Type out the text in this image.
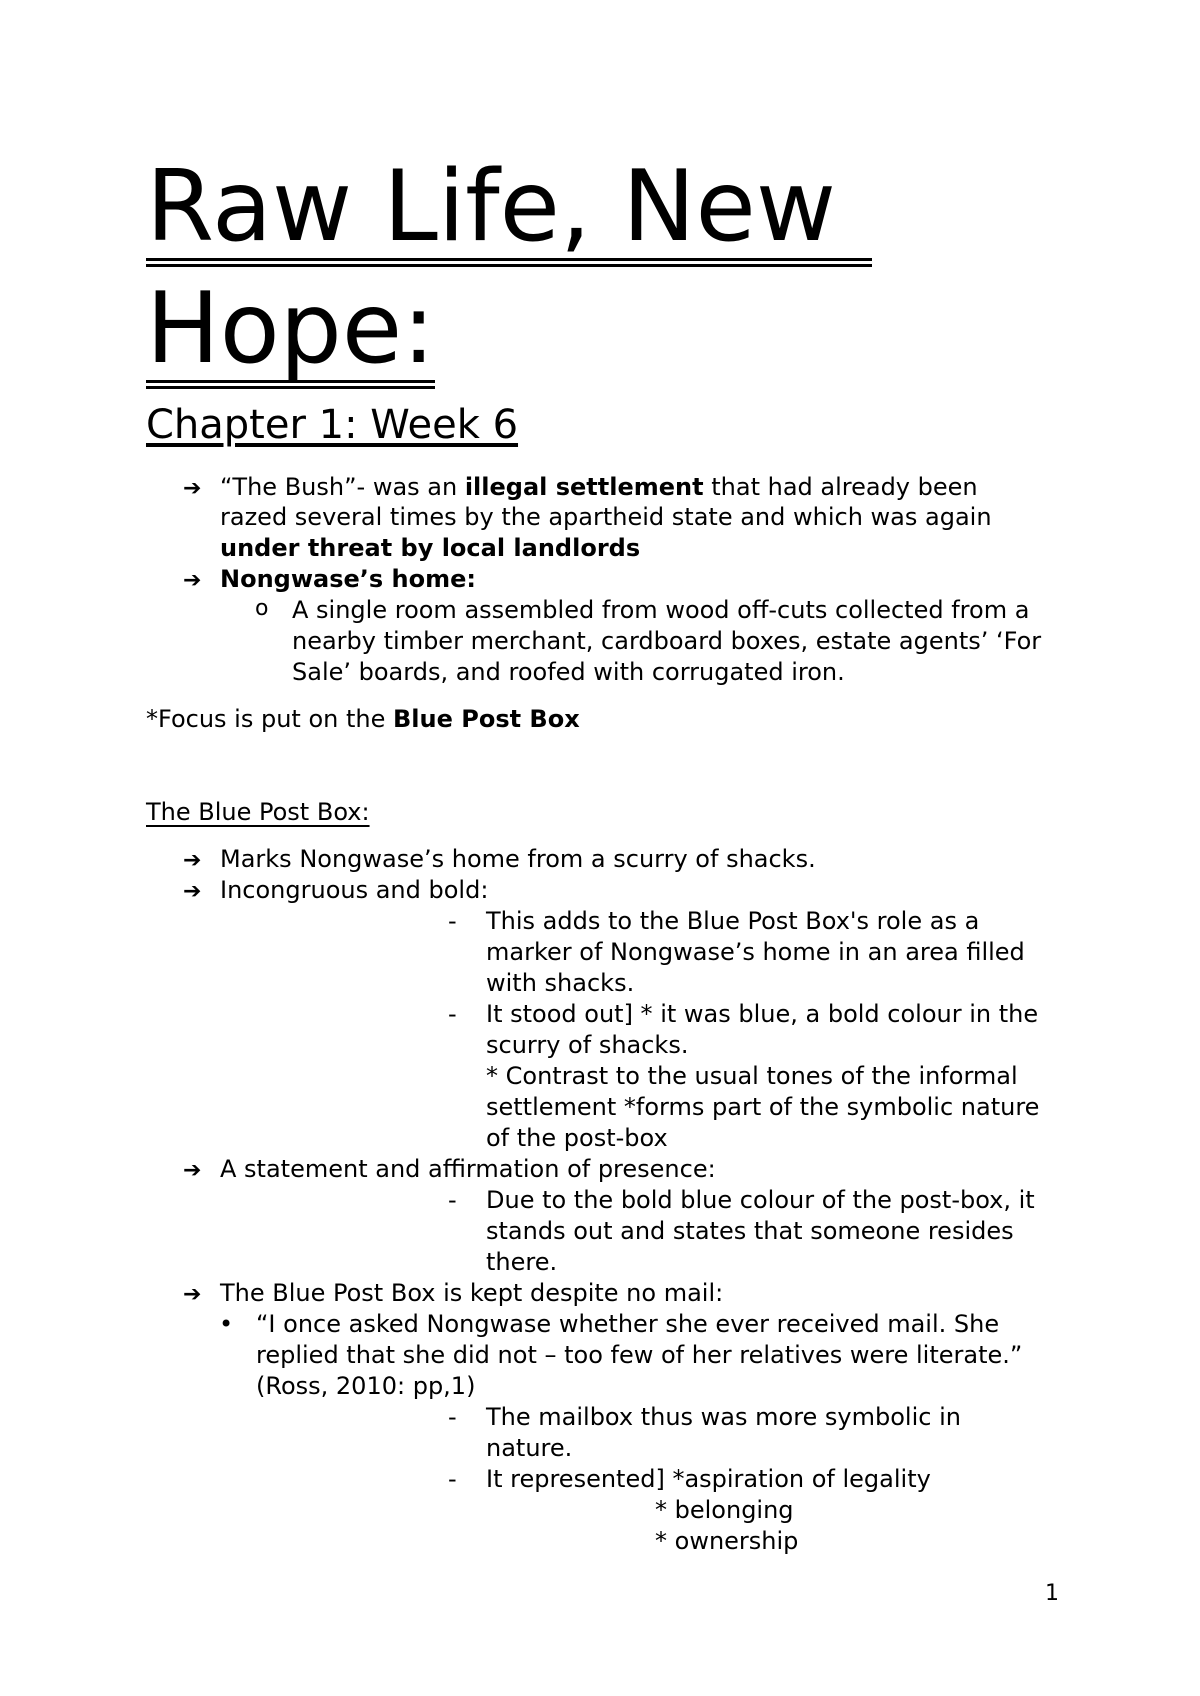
Raw Life, New
Hope:
Chapter 1: Week 6
➔ “The Bush”- was an illegal settlement that had already been
razed several times by the apartheid state and which was again
under threat by local landlords
➔ Nongwase’s home:
o A single room assembled from wood off-cuts collected from a
nearby timber merchant, cardboard boxes, estate agents’ ‘For
Sale’ boards, and roofed with corrugated iron.
*Focus is put on the Blue Post Box
The Blue Post Box:
➔ Marks Nongwase’s home from a scurry of shacks.
➔ Incongruous and bold:
- This adds to the Blue Post Box's role as a
marker of Nongwase’s home in an area filled
with shacks.
- It stood out] * it was blue, a bold colour in the
scurry of shacks.
* Contrast to the usual tones of the informal
settlement *forms part of the symbolic nature
of the post-box
➔ A statement and affirmation of presence:
- Due to the bold blue colour of the post-box, it
stands out and states that someone resides
there.
➔ The Blue Post Box is kept despite no mail:
• “I once asked Nongwase whether she ever received mail. She
replied that she did not – too few of her relatives were literate.”
(Ross, 2010: pp,1)
- The mailbox thus was more symbolic in
nature.
- It represented] *aspiration of legality
* belonging
* ownership
1
